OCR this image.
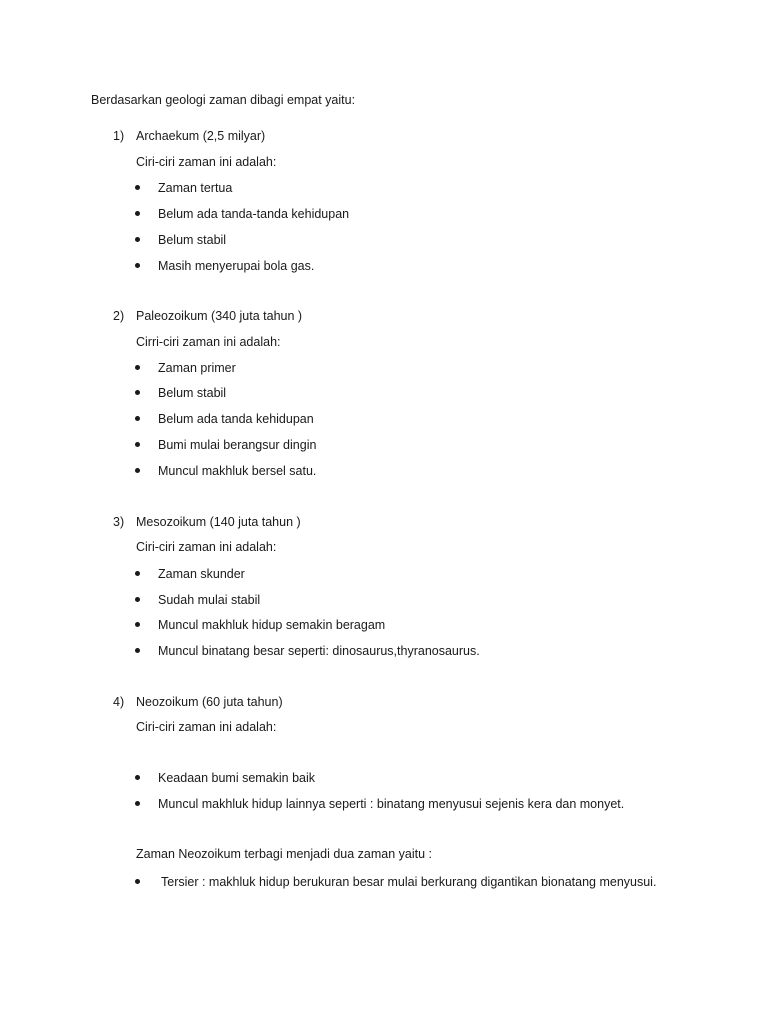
Berdasarkan geologi zaman dibagi empat yaitu:
1) Archaekum (2,5 milyar)
Ciri-ciri zaman ini adalah:
Zaman tertua
Belum ada tanda-tanda kehidupan
Belum stabil
Masih menyerupai bola gas.
2) Paleozoikum (340 juta tahun )
Cirri-ciri zaman ini adalah:
Zaman primer
Belum stabil
Belum ada tanda kehidupan
Bumi mulai berangsur dingin
Muncul makhluk bersel satu.
3) Mesozoikum (140 juta tahun )
Ciri-ciri zaman ini adalah:
Zaman skunder
Sudah mulai stabil
Muncul makhluk hidup semakin beragam
Muncul binatang besar seperti: dinosaurus,thyranosaurus.
4) Neozoikum (60 juta tahun)
Ciri-ciri zaman ini adalah:
Keadaan bumi semakin baik
Muncul makhluk hidup lainnya seperti : binatang menyusui sejenis kera dan monyet.
Zaman Neozoikum terbagi menjadi dua zaman yaitu :
Tersier : makhluk hidup berukuran besar mulai berkurang digantikan bionatang menyusui.
